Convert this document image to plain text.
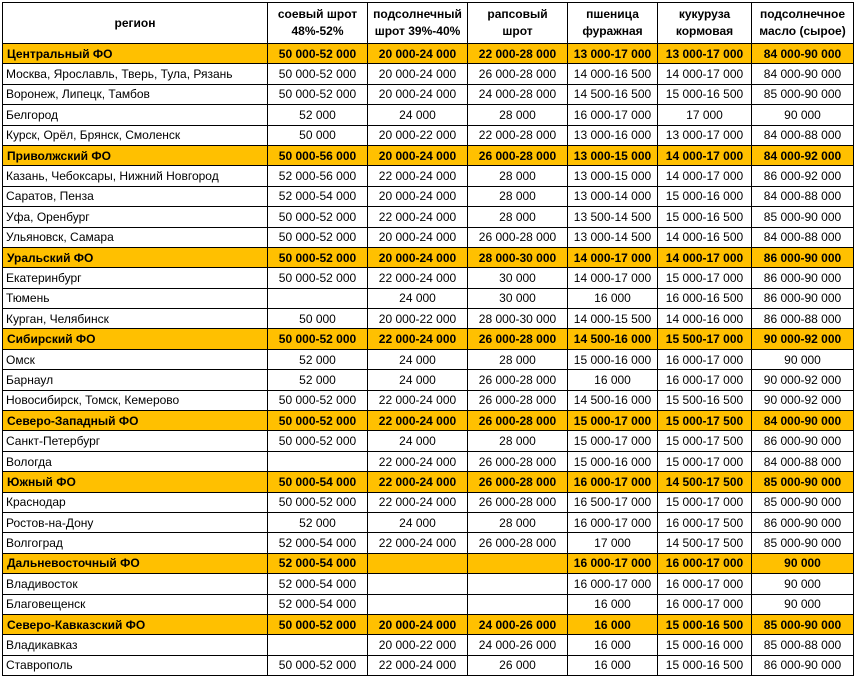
регион	соевый шрот 48%-52%	подсолнечный шрот 39%-40%	рапсовый шрот	пшеница фуражная	кукуруза кормовая	подсолнечное масло (сырое)
Центральный ФО	50 000-52 000	20 000-24 000	22 000-28 000	13 000-17 000	13 000-17 000	84 000-90 000
Москва, Ярославль, Тверь, Тула, Рязань	50 000-52 000	20 000-24 000	26 000-28 000	14 000-16 500	14 000-17 000	84 000-90 000
Воронеж, Липецк, Тамбов	50 000-52 000	20 000-24 000	24 000-28 000	14 500-16 500	15 000-16 500	85 000-90 000
Белгород	52 000	24 000	28 000	16 000-17 000	17 000	90 000
Курск, Орёл, Брянск, Смоленск	50 000	20 000-22 000	22 000-28 000	13 000-16 000	13 000-17 000	84 000-88 000
Приволжский ФО	50 000-56 000	20 000-24 000	26 000-28 000	13 000-15 000	14 000-17 000	84 000-92 000
Казань, Чебоксары, Нижний Новгород	52 000-56 000	22 000-24 000	28 000	13 000-15 000	14 000-17 000	86 000-92 000
Саратов, Пенза	52 000-54 000	20 000-24 000	28 000	13 000-14 000	15 000-16 000	84 000-88 000
Уфа, Оренбург	50 000-52 000	22 000-24 000	28 000	13 500-14 500	15 000-16 500	85 000-90 000
Ульяновск, Самара	50 000-52 000	20 000-24 000	26 000-28 000	13 000-14 500	14 000-16 500	84 000-88 000
Уральский ФО	50 000-52 000	20 000-24 000	28 000-30 000	14 000-17 000	14 000-17 000	86 000-90 000
Екатеринбург	50 000-52 000	22 000-24 000	30 000	14 000-17 000	15 000-17 000	86 000-90 000
Тюмень		24 000	30 000	16 000	16 000-16 500	86 000-90 000
Курган, Челябинск	50 000	20 000-22 000	28 000-30 000	14 000-15 500	14 000-16 000	86 000-88 000
Сибирский ФО	50 000-52 000	22 000-24 000	26 000-28 000	14 500-16 000	15 500-17 000	90 000-92 000
Омск	52 000	24 000	28 000	15 000-16 000	16 000-17 000	90 000
Барнаул	52 000	24 000	26 000-28 000	16 000	16 000-17 000	90 000-92 000
Новосибирск, Томск, Кемерово	50 000-52 000	22 000-24 000	26 000-28 000	14 500-16 000	15 500-16 500	90 000-92 000
Северо-Западный ФО	50 000-52 000	22 000-24 000	26 000-28 000	15 000-17 000	15 000-17 500	84 000-90 000
Санкт-Петербург	50 000-52 000	24 000	28 000	15 000-17 000	15 000-17 500	86 000-90 000
Вологда		22 000-24 000	26 000-28 000	15 000-16 000	15 000-17 000	84 000-88 000
Южный ФО	50 000-54 000	22 000-24 000	26 000-28 000	16 000-17 000	14 500-17 500	85 000-90 000
Краснодар	50 000-52 000	22 000-24 000	26 000-28 000	16 500-17 000	15 000-17 000	85 000-90 000
Ростов-на-Дону	52 000	24 000	28 000	16 000-17 000	16 000-17 500	86 000-90 000
Волгоград	52 000-54 000	22 000-24 000	26 000-28 000	17 000	14 500-17 500	85 000-90 000
Дальневосточный ФО	52 000-54 000			16 000-17 000	16 000-17 000	90 000
Владивосток	52 000-54 000			16 000-17 000	16 000-17 000	90 000
Благовещенск	52 000-54 000			16 000	16 000-17 000	90 000
Северо-Кавказский ФО	50 000-52 000	20 000-24 000	24 000-26 000	16 000	15 000-16 500	85 000-90 000
Владикавказ		20 000-22 000	24 000-26 000	16 000	15 000-16 000	85 000-88 000
Ставрополь	50 000-52 000	22 000-24 000	26 000	16 000	15 000-16 500	86 000-90 000
